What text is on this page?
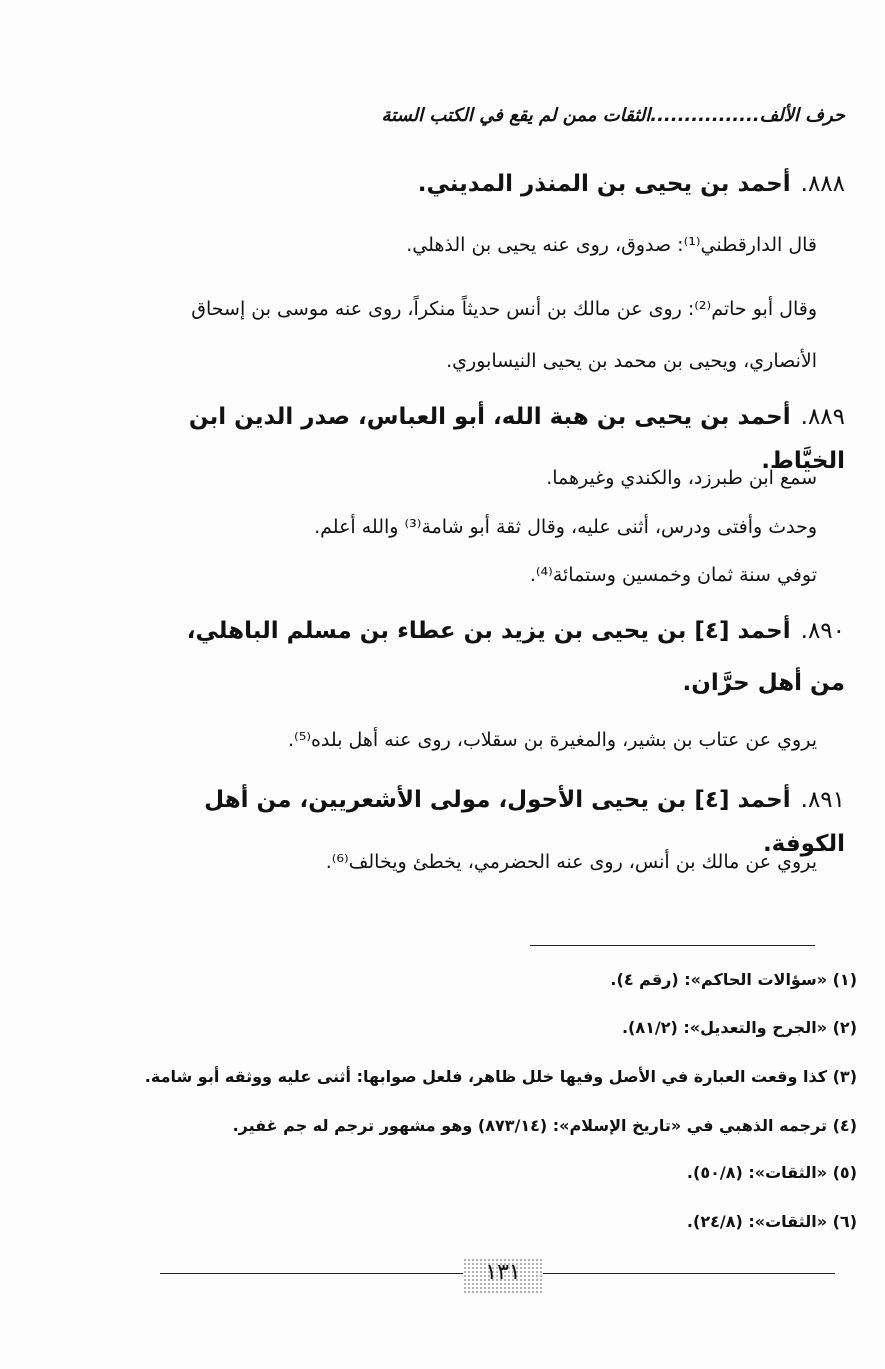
حرف الألف................الثقات ممن لم يقع في الكتب الستة
٨٨٨.أحمد بن يحيى بن المنذر المديني.
قال الدارقطني⁽¹⁾: صدوق، روى عنه يحيى بن الذهلي.
وقال أبو حاتم⁽²⁾: روى عن مالك بن أنس حديثاً منكراً، روى عنه موسى بن إسحاق الأنصاري، ويحيى بن محمد بن يحيى النيسابوري.
٨٨٩.أحمد بن يحيى بن هبة الله، أبو العباس، صدر الدين ابن الخيَّاط.
سمع ابن طبرزد، والكندي وغيرهما.
وحدث وأفتى ودرس، أثنى عليه، وقال ثقة أبو شامة⁽³⁾ والله أعلم.
توفي سنة ثمان وخمسين وستمائة⁽⁴⁾.
٨٩٠.أحمد [٤] بن يحيى بن يزيد بن عطاء بن مسلم الباهلي، من أهل حرَّان.
يروي عن عتاب بن بشير، والمغيرة بن سقلاب، روى عنه أهل بلده⁽⁵⁾.
٨٩١.أحمد [٤] بن يحيى الأحول، مولى الأشعريين، من أهل الكوفة.
يروي عن مالك بن أنس، روى عنه الحضرمي، يخطئ ويخالف⁽⁶⁾.
(١) «سؤالات الحاكم»: (رقم ٤).
(٢) «الجرح والتعديل»: (٨١/٢).
(٣) كذا وقعت العبارة في الأصل وفيها خلل ظاهر، فلعل صوابها: أثنى عليه ووثقه أبو شامة.
(٤) ترجمه الذهبي في «تاريخ الإسلام»: (٨٧٣/١٤) وهو مشهور ترجم له جم غفير.
(٥) «الثقات»: (٥٠/٨).
(٦) «الثقات»: (٢٤/٨).
١٣١
